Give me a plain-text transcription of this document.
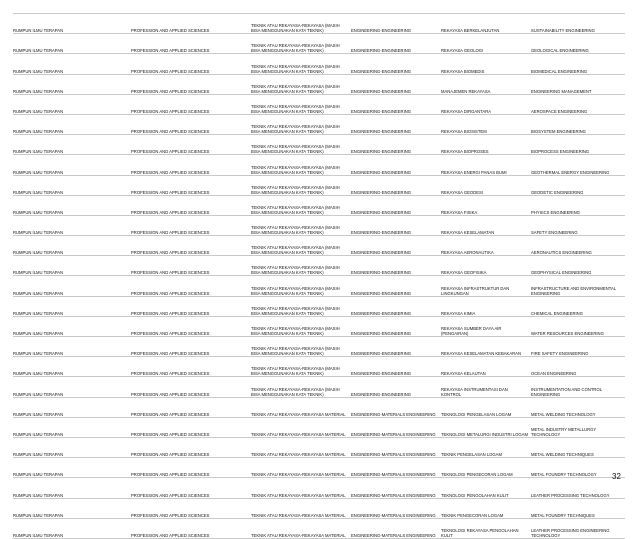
RUMPUN ILMU TERAPAN	PROFESSION AND APPLIED SCIENCES	TEKNIK ATAU REKAYASA-REKAYASA (MASIH BISA MENGGUNAKAN KATA TEKNIK)	ENGINEERING-ENGINEERING	REKAYASA BERKELANJUTAN	SUSTAINABILITY ENGINEERING
RUMPUN ILMU TERAPAN	PROFESSION AND APPLIED SCIENCES	TEKNIK ATAU REKAYASA-REKAYASA (MASIH BISA MENGGUNAKAN KATA TEKNIK)	ENGINEERING-ENGINEERING	REKAYASA GEOLOGI	GEOLOGICAL ENGINEERING
RUMPUN ILMU TERAPAN	PROFESSION AND APPLIED SCIENCES	TEKNIK ATAU REKAYASA-REKAYASA (MASIH BISA MENGGUNAKAN KATA TEKNIK)	ENGINEERING-ENGINEERING	REKAYASA BIOMEDIS	BIOMEDICAL ENGINEERING
RUMPUN ILMU TERAPAN	PROFESSION AND APPLIED SCIENCES	TEKNIK ATAU REKAYASA-REKAYASA (MASIH BISA MENGGUNAKAN KATA TEKNIK)	ENGINEERING-ENGINEERING	MANAJEMEN REKAYASA	ENGINEERING MANAGEMENT
RUMPUN ILMU TERAPAN	PROFESSION AND APPLIED SCIENCES	TEKNIK ATAU REKAYASA-REKAYASA (MASIH BISA MENGGUNAKAN KATA TEKNIK)	ENGINEERING-ENGINEERING	REKAYASA DIRGANTARA	AEROSPACE ENGINEERING
RUMPUN ILMU TERAPAN	PROFESSION AND APPLIED SCIENCES	TEKNIK ATAU REKAYASA-REKAYASA (MASIH BISA MENGGUNAKAN KATA TEKNIK)	ENGINEERING-ENGINEERING	REKAYASA BIOSISTEM	BIOSYSTEM ENGINEERING
RUMPUN ILMU TERAPAN	PROFESSION AND APPLIED SCIENCES	TEKNIK ATAU REKAYASA-REKAYASA (MASIH BISA MENGGUNAKAN KATA TEKNIK)	ENGINEERING-ENGINEERING	REKAYASA BIOPROSES	BIOPROCESS ENGINEERING
RUMPUN ILMU TERAPAN	PROFESSION AND APPLIED SCIENCES	TEKNIK ATAU REKAYASA-REKAYASA (MASIH BISA MENGGUNAKAN KATA TEKNIK)	ENGINEERING-ENGINEERING	REKAYASA ENERGI PANAS BUMI	GEOTHERMAL ENERGY ENGINEERING
RUMPUN ILMU TERAPAN	PROFESSION AND APPLIED SCIENCES	TEKNIK ATAU REKAYASA-REKAYASA (MASIH BISA MENGGUNAKAN KATA TEKNIK)	ENGINEERING-ENGINEERING	REKAYASA GEODESI	GEODETIC ENGINEERING
RUMPUN ILMU TERAPAN	PROFESSION AND APPLIED SCIENCES	TEKNIK ATAU REKAYASA-REKAYASA (MASIH BISA MENGGUNAKAN KATA TEKNIK)	ENGINEERING-ENGINEERING	REKAYASA FISIKA	PHYSICS ENGINEERING
RUMPUN ILMU TERAPAN	PROFESSION AND APPLIED SCIENCES	TEKNIK ATAU REKAYASA-REKAYASA (MASIH BISA MENGGUNAKAN KATA TEKNIK)	ENGINEERING-ENGINEERING	REKAYASA KESELAMATAN	SAFETY ENGINEERING
RUMPUN ILMU TERAPAN	PROFESSION AND APPLIED SCIENCES	TEKNIK ATAU REKAYASA-REKAYASA (MASIH BISA MENGGUNAKAN KATA TEKNIK)	ENGINEERING-ENGINEERING	REKAYASA AERONAUTIKA	AERONAUTICS ENGINEERING
RUMPUN ILMU TERAPAN	PROFESSION AND APPLIED SCIENCES	TEKNIK ATAU REKAYASA-REKAYASA (MASIH BISA MENGGUNAKAN KATA TEKNIK)	ENGINEERING-ENGINEERING	REKAYASA GEOFISIKA	GEOPHYSICAL ENGINEERING
RUMPUN ILMU TERAPAN	PROFESSION AND APPLIED SCIENCES	TEKNIK ATAU REKAYASA-REKAYASA (MASIH BISA MENGGUNAKAN KATA TEKNIK)	ENGINEERING-ENGINEERING	REKAYASA INFRASTRUKTUR DAN LINGKUNGAN	INFRASTRUCTURE AND ENVIRONMENTAL ENGINEERING
RUMPUN ILMU TERAPAN	PROFESSION AND APPLIED SCIENCES	TEKNIK ATAU REKAYASA-REKAYASA (MASIH BISA MENGGUNAKAN KATA TEKNIK)	ENGINEERING-ENGINEERING	REKAYASA KIMIA	CHEMICAL ENGINEERING
RUMPUN ILMU TERAPAN	PROFESSION AND APPLIED SCIENCES	TEKNIK ATAU REKAYASA-REKAYASA (MASIH BISA MENGGUNAKAN KATA TEKNIK)	ENGINEERING-ENGINEERING	REKAYASA SUMBER DAYA AIR (PENGAIRAN)	WATER RESOURCES ENGINEERING
RUMPUN ILMU TERAPAN	PROFESSION AND APPLIED SCIENCES	TEKNIK ATAU REKAYASA-REKAYASA (MASIH BISA MENGGUNAKAN KATA TEKNIK)	ENGINEERING-ENGINEERING	REKAYASA KESELAMATAN KEBAKARAN	FIRE SAFETY ENGINEERING
RUMPUN ILMU TERAPAN	PROFESSION AND APPLIED SCIENCES	TEKNIK ATAU REKAYASA-REKAYASA (MASIH BISA MENGGUNAKAN KATA TEKNIK)	ENGINEERING-ENGINEERING	REKAYASA KELAUTAN	OCEAN ENGINEERING
RUMPUN ILMU TERAPAN	PROFESSION AND APPLIED SCIENCES	TEKNIK ATAU REKAYASA-REKAYASA (MASIH BISA MENGGUNAKAN KATA TEKNIK)	ENGINEERING-ENGINEERING	REKAYASA INSTRUMENTASI DAN KONTROL	INSTRUMENTATION AND CONTROL ENGINEERING
RUMPUN ILMU TERAPAN	PROFESSION AND APPLIED SCIENCES	TEKNIK ATAU REKAYASA-REKAYASA MATERIAL	ENGINEERING-MATERIALS ENGINEERING	TEKNOLOGI PENGELASAN LOGAM	METAL WELDING TECHNOLOGY
RUMPUN ILMU TERAPAN	PROFESSION AND APPLIED SCIENCES	TEKNIK ATAU REKAYASA-REKAYASA MATERIAL	ENGINEERING-MATERIALS ENGINEERING	TEKNOLOGI METALURGI INDUSTRI LOGAM	METAL INDUSTRY METALLURGY TECHNOLOGY
RUMPUN ILMU TERAPAN	PROFESSION AND APPLIED SCIENCES	TEKNIK ATAU REKAYASA-REKAYASA MATERIAL	ENGINEERING-MATERIALS ENGINEERING	TEKNIK PENGELASAN LOGAM	METAL WELDING TECHNIQUES
RUMPUN ILMU TERAPAN	PROFESSION AND APPLIED SCIENCES	TEKNIK ATAU REKAYASA-REKAYASA MATERIAL	ENGINEERING-MATERIALS ENGINEERING	TEKNOLOGI PENGECORAN LOGAM	METAL FOUNDRY TECHNOLOGY
RUMPUN ILMU TERAPAN	PROFESSION AND APPLIED SCIENCES	TEKNIK ATAU REKAYASA-REKAYASA MATERIAL	ENGINEERING-MATERIALS ENGINEERING	TEKNOLOGI PENGOLAHAN KULIT	LEATHER PROCESSING TECHNOLOGY
RUMPUN ILMU TERAPAN	PROFESSION AND APPLIED SCIENCES	TEKNIK ATAU REKAYASA-REKAYASA MATERIAL	ENGINEERING-MATERIALS ENGINEERING	TEKNIK PENGECORAN LOGAM	METAL FOUNDRY TECHNIQUES
RUMPUN ILMU TERAPAN	PROFESSION AND APPLIED SCIENCES	TEKNIK ATAU REKAYASA-REKAYASA MATERIAL	ENGINEERING-MATERIALS ENGINEERING	TEKNOLOGI REKAYASA PENGOLAHAN KULIT	LEATHER PROCESSING ENGINEERING TECHNOLOGY
32
